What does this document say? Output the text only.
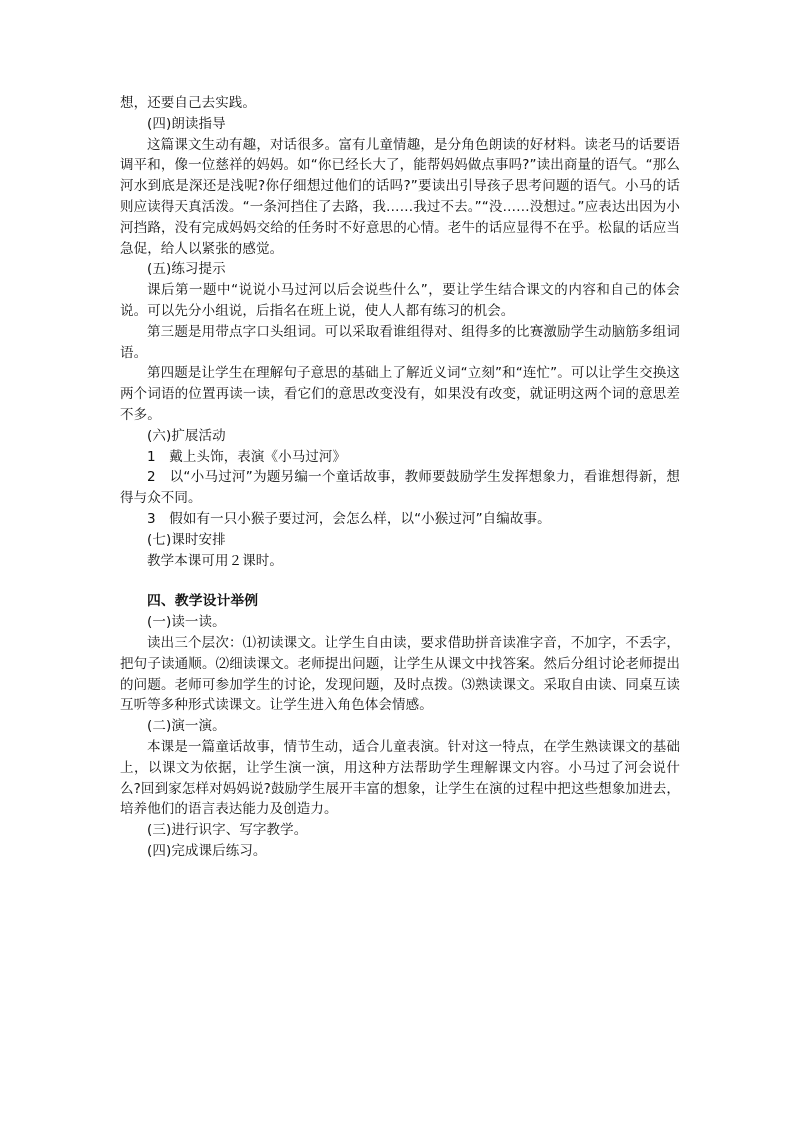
想，还要自己去实践。

(四)朗读指导

这篇课文生动有趣，对话很多。富有儿童情趣，是分角色朗读的好材料。读老马的话要语调平和，像一位慈祥的妈妈。如“你已经长大了，能帮妈妈做点事吗?”读出商量的语气。“那么河水到底是深还是浅呢?你仔细想过他们的话吗?”要读出引导孩子思考问题的语气。小马的话则应读得天真活泼。“一条河挡住了去路，我……我过不去。”“没……没想过。”应表达出因为小河挡路，没有完成妈妈交给的任务时不好意思的心情。老牛的话应显得不在乎。松鼠的话应当急促，给人以紧张的感觉。

(五)练习提示

课后第一题中“说说小马过河以后会说些什么”，要让学生结合课文的内容和自己的体会说。可以先分小组说，后指名在班上说，使人人都有练习的机会。

第三题是用带点字口头组词。可以采取看谁组得对、组得多的比赛激励学生动脑筋多组词语。

第四题是让学生在理解句子意思的基础上了解近义词“立刻”和“连忙”。可以让学生交换这两个词语的位置再读一读，看它们的意思改变没有，如果没有改变，就证明这两个词的意思差不多。

(六)扩展活动

1　戴上头饰，表演《小马过河》

2　以“小马过河”为题另编一个童话故事，教师要鼓励学生发挥想象力，看谁想得新，想得与众不同。

3　假如有一只小猴子要过河，会怎么样，以“小猴过河”自编故事。

(七)课时安排

教学本课可用２课时。

四、教学设计举例

(一)读一读。

读出三个层次：⑴初读课文。让学生自由读，要求借助拼音读准字音，不加字，不丢字，把句子读通顺。⑵细读课文。老师提出问题，让学生从课文中找答案。然后分组讨论老师提出的问题。老师可参加学生的讨论，发现问题，及时点拨。⑶熟读课文。采取自由读、同桌互读互听等多种形式读课文。让学生进入角色体会情感。

(二)演一演。

本课是一篇童话故事，情节生动，适合儿童表演。针对这一特点，在学生熟读课文的基础上，以课文为依据，让学生演一演，用这种方法帮助学生理解课文内容。小马过了河会说什么?回到家怎样对妈妈说?鼓励学生展开丰富的想象，让学生在演的过程中把这些想象加进去，培养他们的语言表达能力及创造力。

(三)进行识字、写字教学。

(四)完成课后练习。
